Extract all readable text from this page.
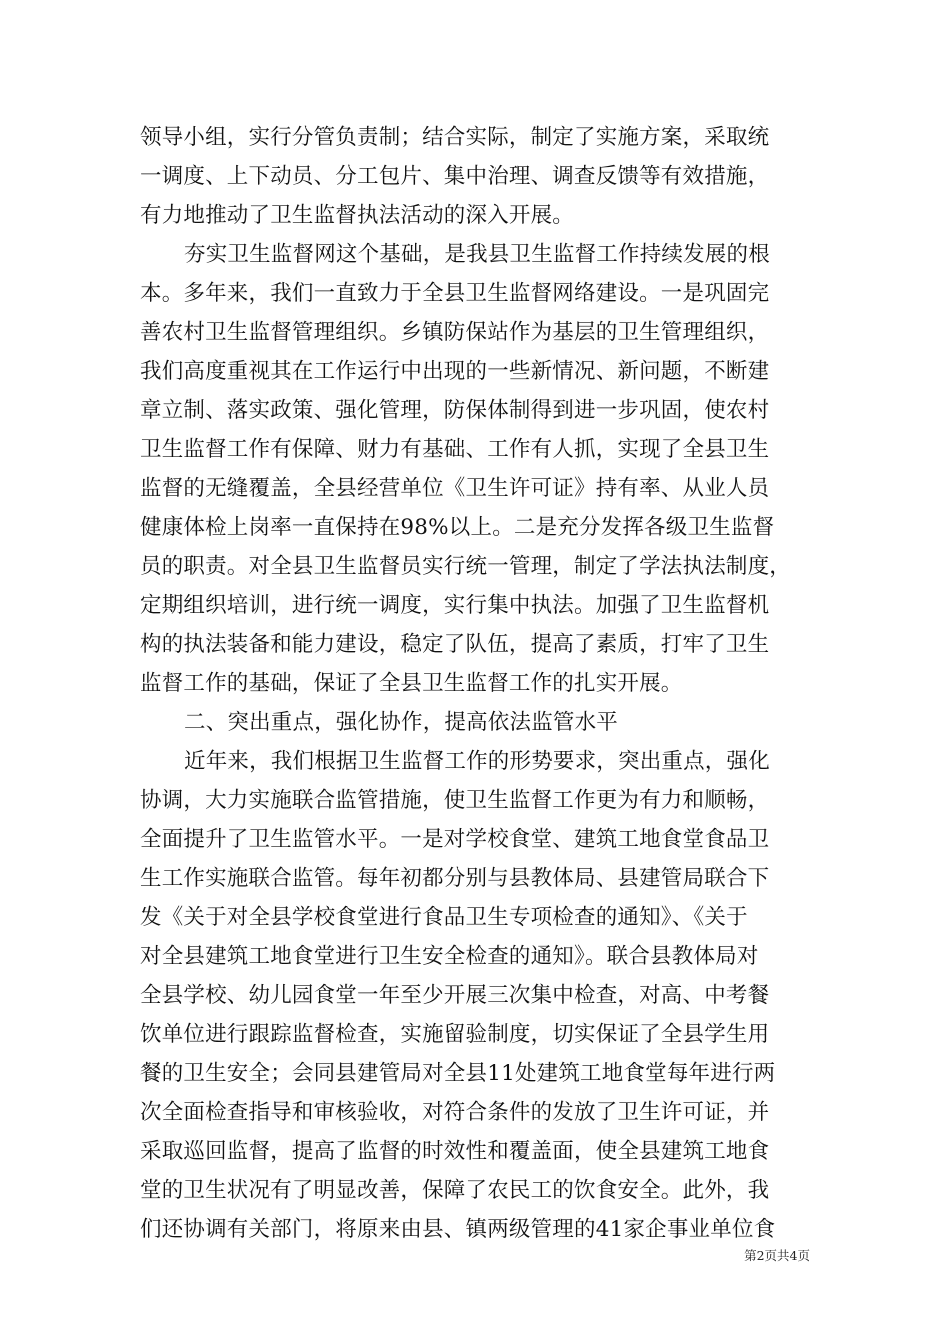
领导小组，实行分管负责制；结合实际，制定了实施方案，采取统
一调度、上下动员、分工包片、集中治理、调查反馈等有效措施，
有力地推动了卫生监督执法活动的深入开展。
夯实卫生监督网这个基础，是我县卫生监督工作持续发展的根
本。多年来，我们一直致力于全县卫生监督网络建设。一是巩固完
善农村卫生监督管理组织。乡镇防保站作为基层的卫生管理组织，
我们高度重视其在工作运行中出现的一些新情况、新问题，不断建
章立制、落实政策、强化管理，防保体制得到进一步巩固，使农村
卫生监督工作有保障、财力有基础、工作有人抓，实现了全县卫生
监督的无缝覆盖，全县经营单位《卫生许可证》持有率、从业人员
健康体检上岗率一直保持在98%以上。二是充分发挥各级卫生监督
员的职责。对全县卫生监督员实行统一管理，制定了学法执法制度，
定期组织培训，进行统一调度，实行集中执法。加强了卫生监督机
构的执法装备和能力建设，稳定了队伍，提高了素质，打牢了卫生
监督工作的基础，保证了全县卫生监督工作的扎实开展。
二、突出重点，强化协作，提高依法监管水平
近年来，我们根据卫生监督工作的形势要求，突出重点，强化
协调，大力实施联合监管措施，使卫生监督工作更为有力和顺畅，
全面提升了卫生监管水平。一是对学校食堂、建筑工地食堂食品卫
生工作实施联合监管。每年初都分别与县教体局、县建管局联合下
发《关于对全县学校食堂进行食品卫生专项检查的通知》、《关于
对全县建筑工地食堂进行卫生安全检查的通知》。联合县教体局对
全县学校、幼儿园食堂一年至少开展三次集中检查，对高、中考餐
饮单位进行跟踪监督检查，实施留验制度，切实保证了全县学生用
餐的卫生安全；会同县建管局对全县11处建筑工地食堂每年进行两
次全面检查指导和审核验收，对符合条件的发放了卫生许可证，并
采取巡回监督，提高了监督的时效性和覆盖面，使全县建筑工地食
堂的卫生状况有了明显改善，保障了农民工的饮食安全。此外，我
们还协调有关部门，将原来由县、镇两级管理的41家企事业单位食
第2页共4页
